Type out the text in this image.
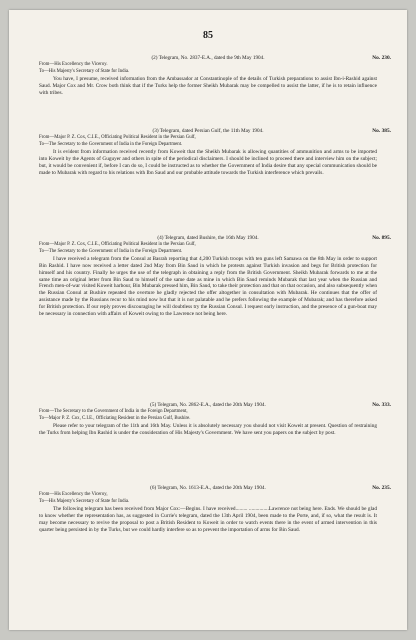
85
No. 230.
(2) Telegram, No. 2837-E.A., dated the 9th May 1904.

From—His Excellency the Viceroy.

To—His Majesty's Secretary of State for India.

You have, I presume, received information from the Ambassador at Constantinople of the details of Turkish preparations to assist Ibn-i-Rashid against Saud. Major Cox and Mr. Crow both think that if the Turks help the former Sheikh Mubarak may be compelled to assist the latter, if he is to retain influence with tribes.

No. 385.
(3) Telegram, dated Persian Gulf, the 11th May 1904.

From—Major P. Z. Cox, C.I.E., Officiating Political Resident in the Persian Gulf,

To—The Secretary to the Government of India in the Foreign Department.

It is evident from information received recently from Koweit that the Sheikh Mubarak is allowing quantities of ammunition and arms to be imported into Koweit by the Agents of Guguyer and others in spite of the periodical disclaimers. I should be inclined to proceed there and interview him on the subject; but, it would be convenient if, before I can do so, I could be instructed as to whether the Government of India desire that any special communication should be made to Mubarak with regard to his relations with Ibn Saud and our probable attitude towards the Turkish interference which prevails.

No. 895.
(4) Telegram, dated Bushire, the 16th May 1904.

From—Major P. Z. Cox, C.I.E., Officiating Political Resident in the Persian Gulf,

To—The Secretary to the Government of India in the Foreign Department.

I have received a telegram from the Consul at Basrah reporting that 4,200 Turkish troops with ten guns left Samawa on the 8th May in order to support Bin Rashid. I have now received a letter dated 2nd May from Bin Saud in which he protests against Turkish invasion and begs for British protection for himself and his country. Finally he urges the use of the telegraph in obtaining a reply from the British Government. Sheikh Mubarak forwards to me at the same time an original letter from Bin Saud to himself of the same date as mine in which Bin Saud reminds Mubarak that last year when the Russian and French men-of-war visited Koweit harbour, Bin Mubarak pressed him, Bin Saud, to take their protection and that on that occasion, and also subsequently when the Russian Consul at Bushire repeated the overture he gladly rejected the offer altogether in consultation with Mubarak. He continues that the offer of assistance made by the Russians recur to his mind now but that it is not palatable and he prefers following the example of Mubarak; and has therefore asked for British protection. If our reply proves discouraging he will doubtless try the Russian Consul. I request early instruction, and the presence of a gun-boat may be necessary in connection with affairs of Koweit owing to the Lawrence not being here.

No. 333.
(5) Telegram, No. 2862-E.A., dated the 20th May 1904.

From—The Secretary to the Government of India in the Foreign Department,

To—Major P. Z. Cox, C.I.E., Officiating Resident in the Persian Gulf, Bushire.

Please refer to your telegram of the 11th and 16th May. Unless it is absolutely necessary you should not visit Koweit at present. Question of restraining the Turks from helping Ibn Rashid is under the consideration of His Majesty's Government. We have sent you papers on the subject by post.

No. 235.
(6) Telegram, No. 1613-E.A., dated the 20th May 1904.

From—His Excellency the Viceroy,

To—His Majesty's Secretary of State for India.

The following telegram has been received from Major Cox:—Begins. I have received......... ...............Lawrence not being here. Ends. We should be glad to know whether the representation has, as suggested in Currie's telegram, dated the 13th April 1904, been made to the Porte, and, if so, what the result is. It may become necessary to revive the proposal to post a British Resident to Koweit in order to watch events there in the event of armed intervention in this quarter being persisted in by the Turks, but we could hardly interfere so as to prevent the importation of arms for Bin Saud.
